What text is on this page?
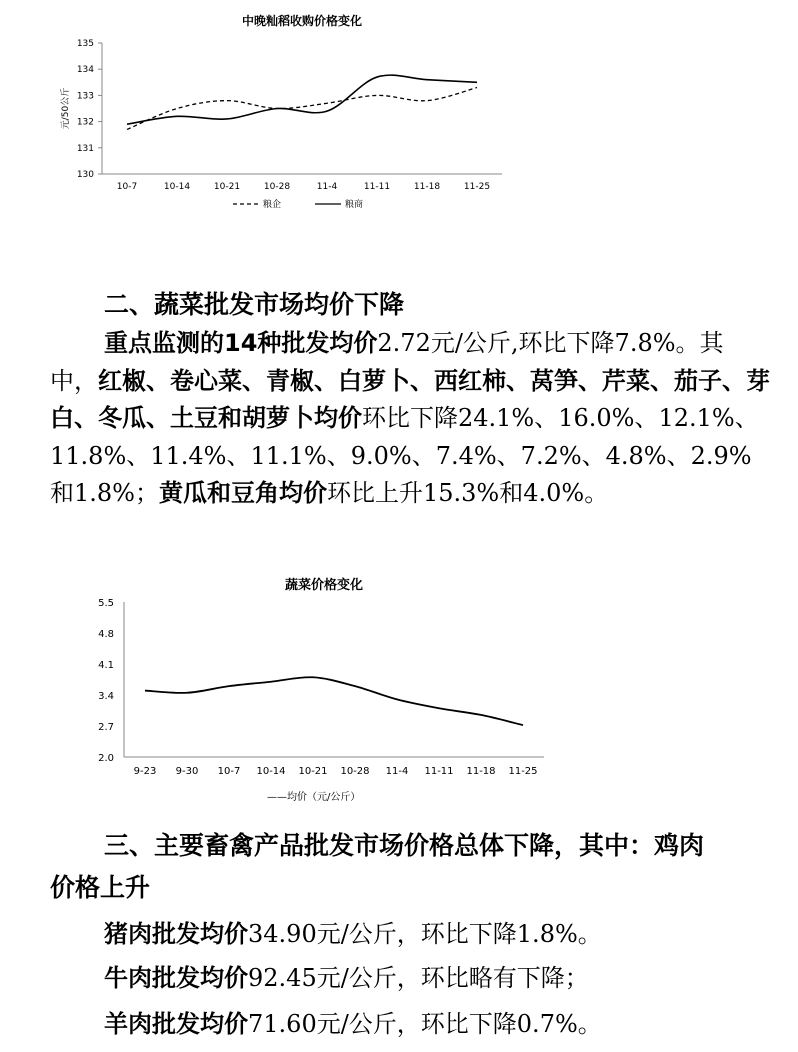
中晚籼稻收购价格变化
130
131
132
133
134
135
元/50公斤
10-7	10-14	10-21	10-28	11-4	11-11	11-18	11-25
粮企	粮商
二、蔬菜批发市场均价下降

重点监测的14种批发均价2.72元/公斤,环比下降7.8%。其中，红椒、卷心菜、青椒、白萝卜、西红柿、莴笋、芹菜、茄子、芽白、冬瓜、土豆和胡萝卜均价环比下降24.1%、16.0%、12.1%、11.8%、11.4%、11.1%、9.0%、7.4%、7.2%、4.8%、2.9%和1.8%；黄瓜和豆角均价环比上升15.3%和4.0%。

蔬菜价格变化
2.0
2.7
3.4
4.1
4.8
5.5
9-23 9-30 10-7 10-14 10-21 10-28 11-4 11-11 11-18 11-25
——均价（元/公斤）
三、主要畜禽产品批发市场价格总体下降，其中：鸡肉
价格上升

猪肉批发均价34.90元/公斤，环比下降1.8%。

牛肉批发均价92.45元/公斤，环比略有下降；

羊肉批发均价71.60元/公斤，环比下降0.7%。
